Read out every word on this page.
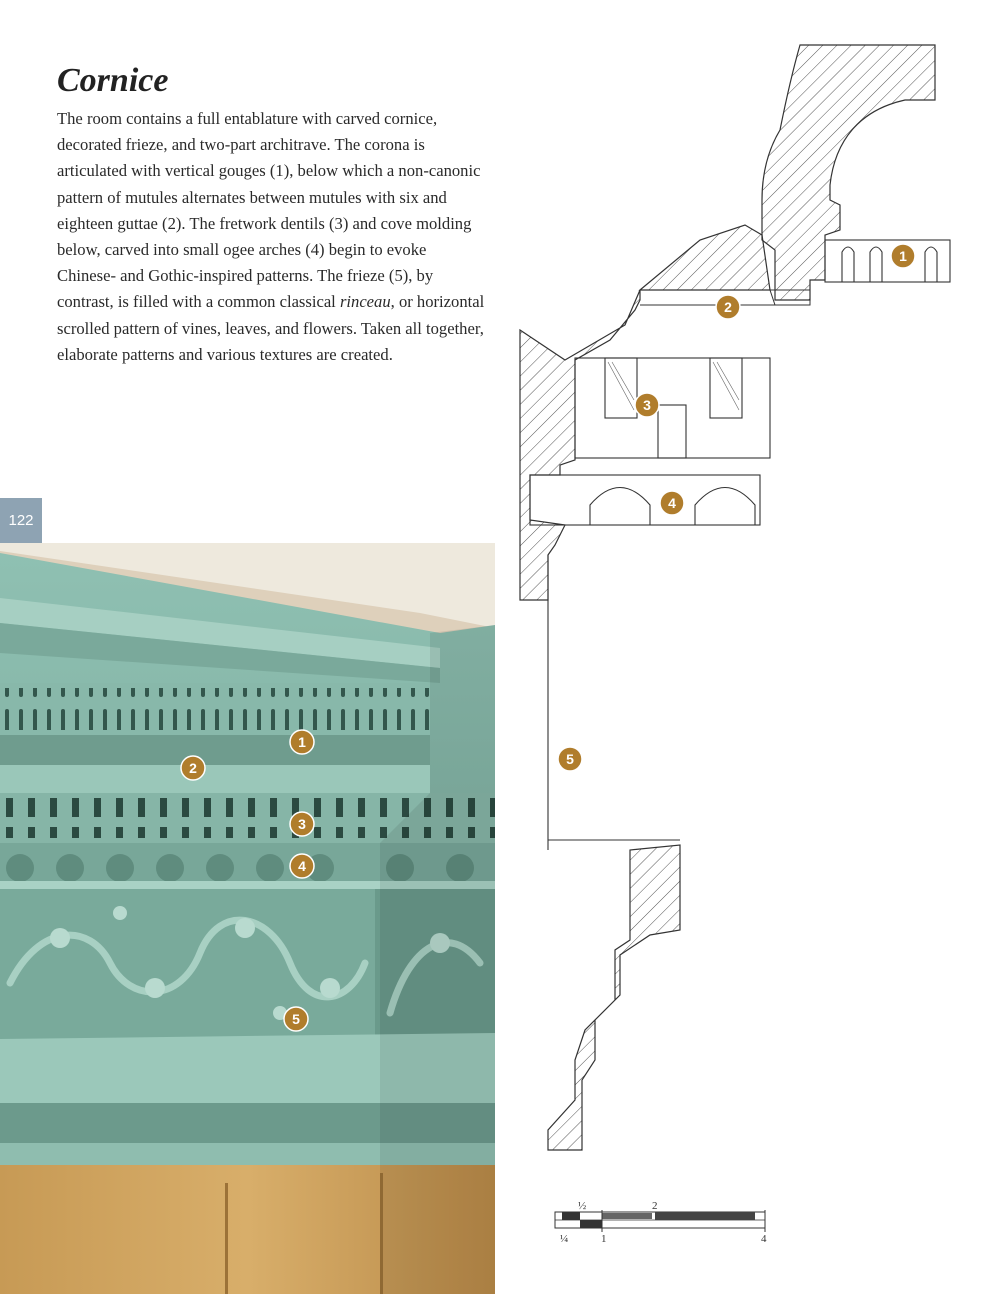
Cornice

The room contains a full entablature with carved cornice, decorated frieze, and two-part architrave. The corona is articulated with vertical gouges (1), below which a non-canonic pattern of mutules alternates between mutules with six and eighteen guttae (2). The fretwork dentils (3) and cove molding below, carved into small ogee arches (4) begin to evoke Chinese- and Gothic-inspired patterns. The frieze (5), by contrast, is filled with a common classical rinceau, or horizontal scrolled pattern of vines, leaves, and flowers. Taken all together, elaborate patterns and various textures are created.

122
1
2
3
4
5
1
2
3
4
5
½	2
¼	1	4
